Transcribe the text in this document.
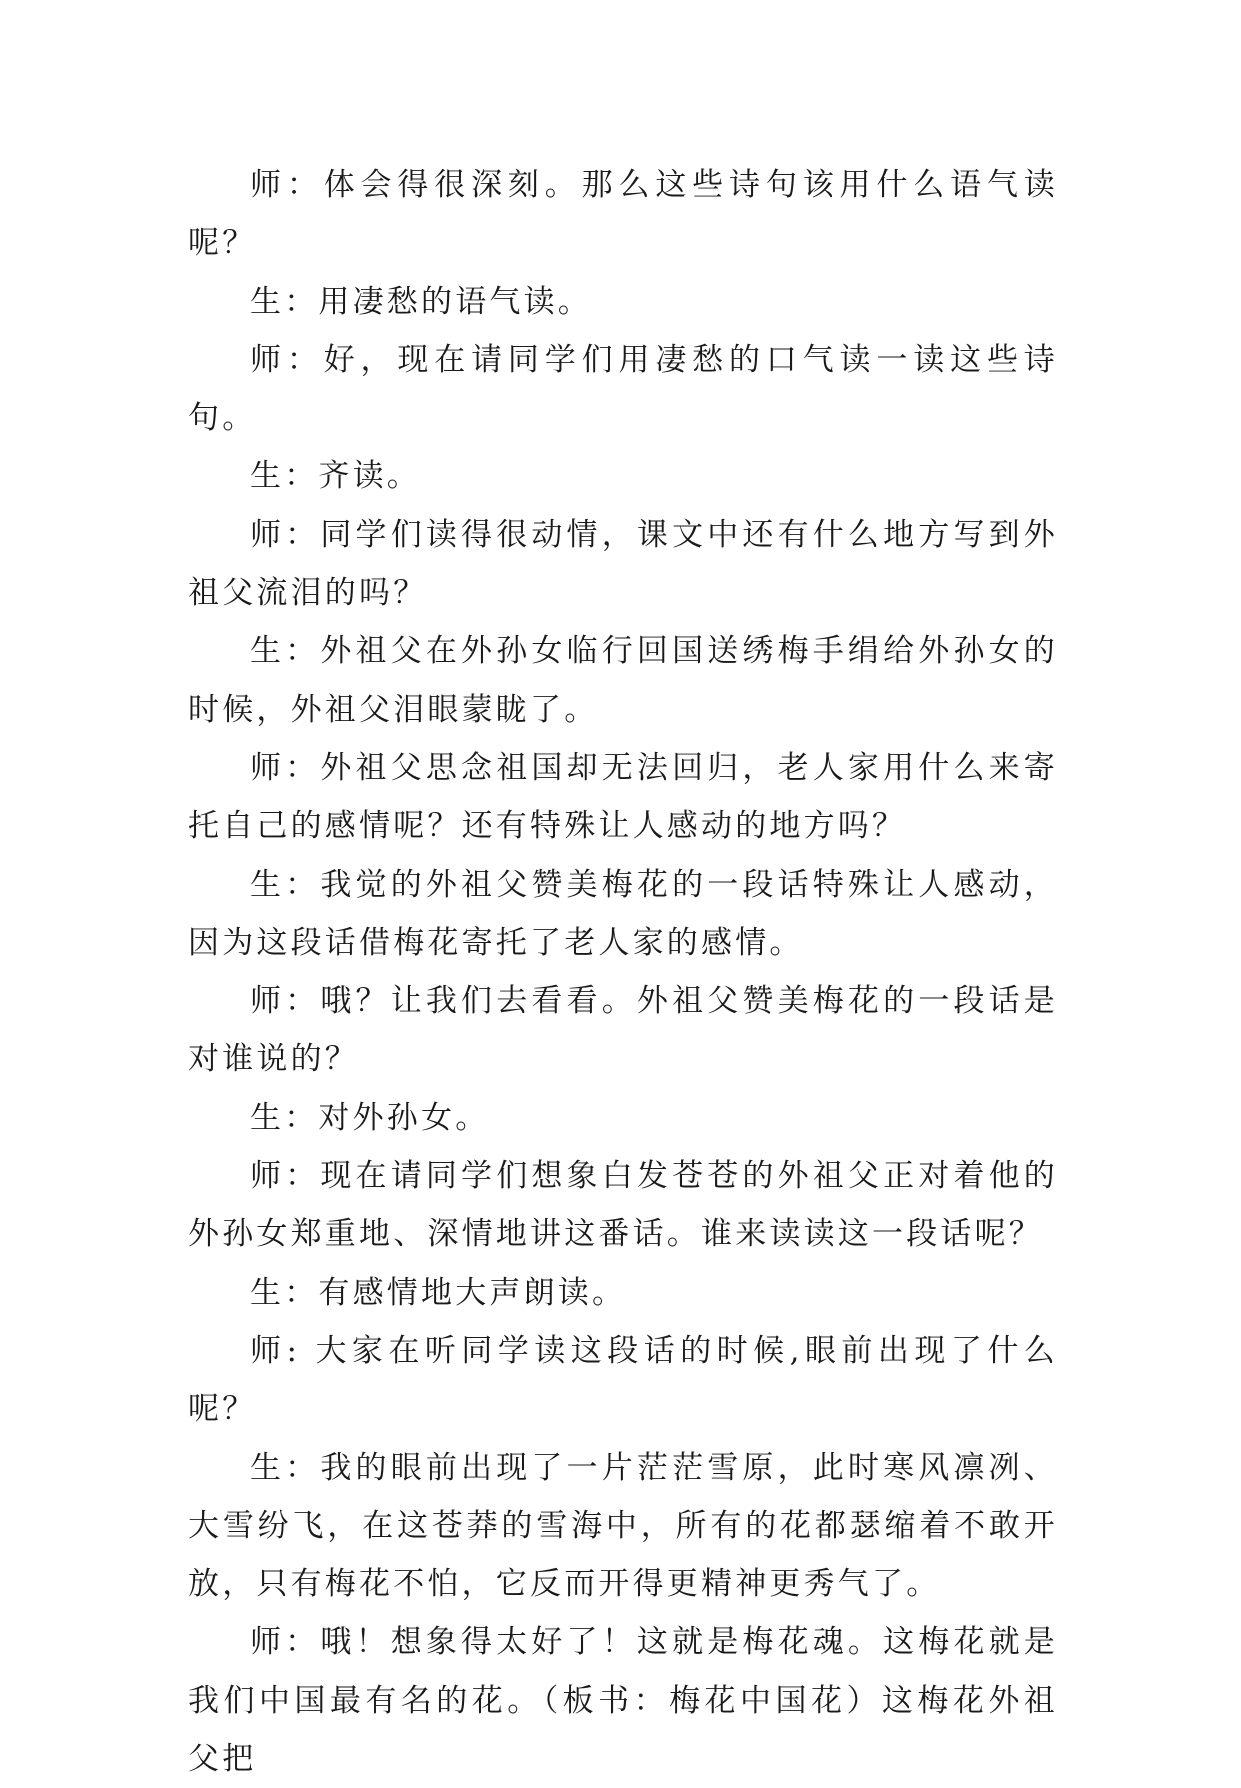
师：体会得很深刻。那么这些诗句该用什么语气读呢？

生：用凄愁的语气读。

师：好，现在请同学们用凄愁的口气读一读这些诗句。

生：齐读。

师：同学们读得很动情，课文中还有什么地方写到外祖父流泪的吗？

生：外祖父在外孙女临行回国送绣梅手绢给外孙女的时候，外祖父泪眼蒙眬了。

师：外祖父思念祖国却无法回归，老人家用什么来寄托自己的感情呢？还有特殊让人感动的地方吗？

生：我觉的外祖父赞美梅花的一段话特殊让人感动，因为这段话借梅花寄托了老人家的感情。

师：哦？让我们去看看。外祖父赞美梅花的一段话是对谁说的？

生：对外孙女。

师：现在请同学们想象白发苍苍的外祖父正对着他的外孙女郑重地、深情地讲这番话。谁来读读这一段话呢？

生：有感情地大声朗读。

师: 大家在听同学读这段话的时候,眼前出现了什么呢？

生：我的眼前出现了一片茫茫雪原，此时寒风凛冽、大雪纷飞，在这苍莽的雪海中，所有的花都瑟缩着不敢开放，只有梅花不怕，它反而开得更精神更秀气了。

师：哦！想象得太好了！这就是梅花魂。这梅花就是我们中国最有名的花。（板书：梅花中国花）这梅花外祖父把
